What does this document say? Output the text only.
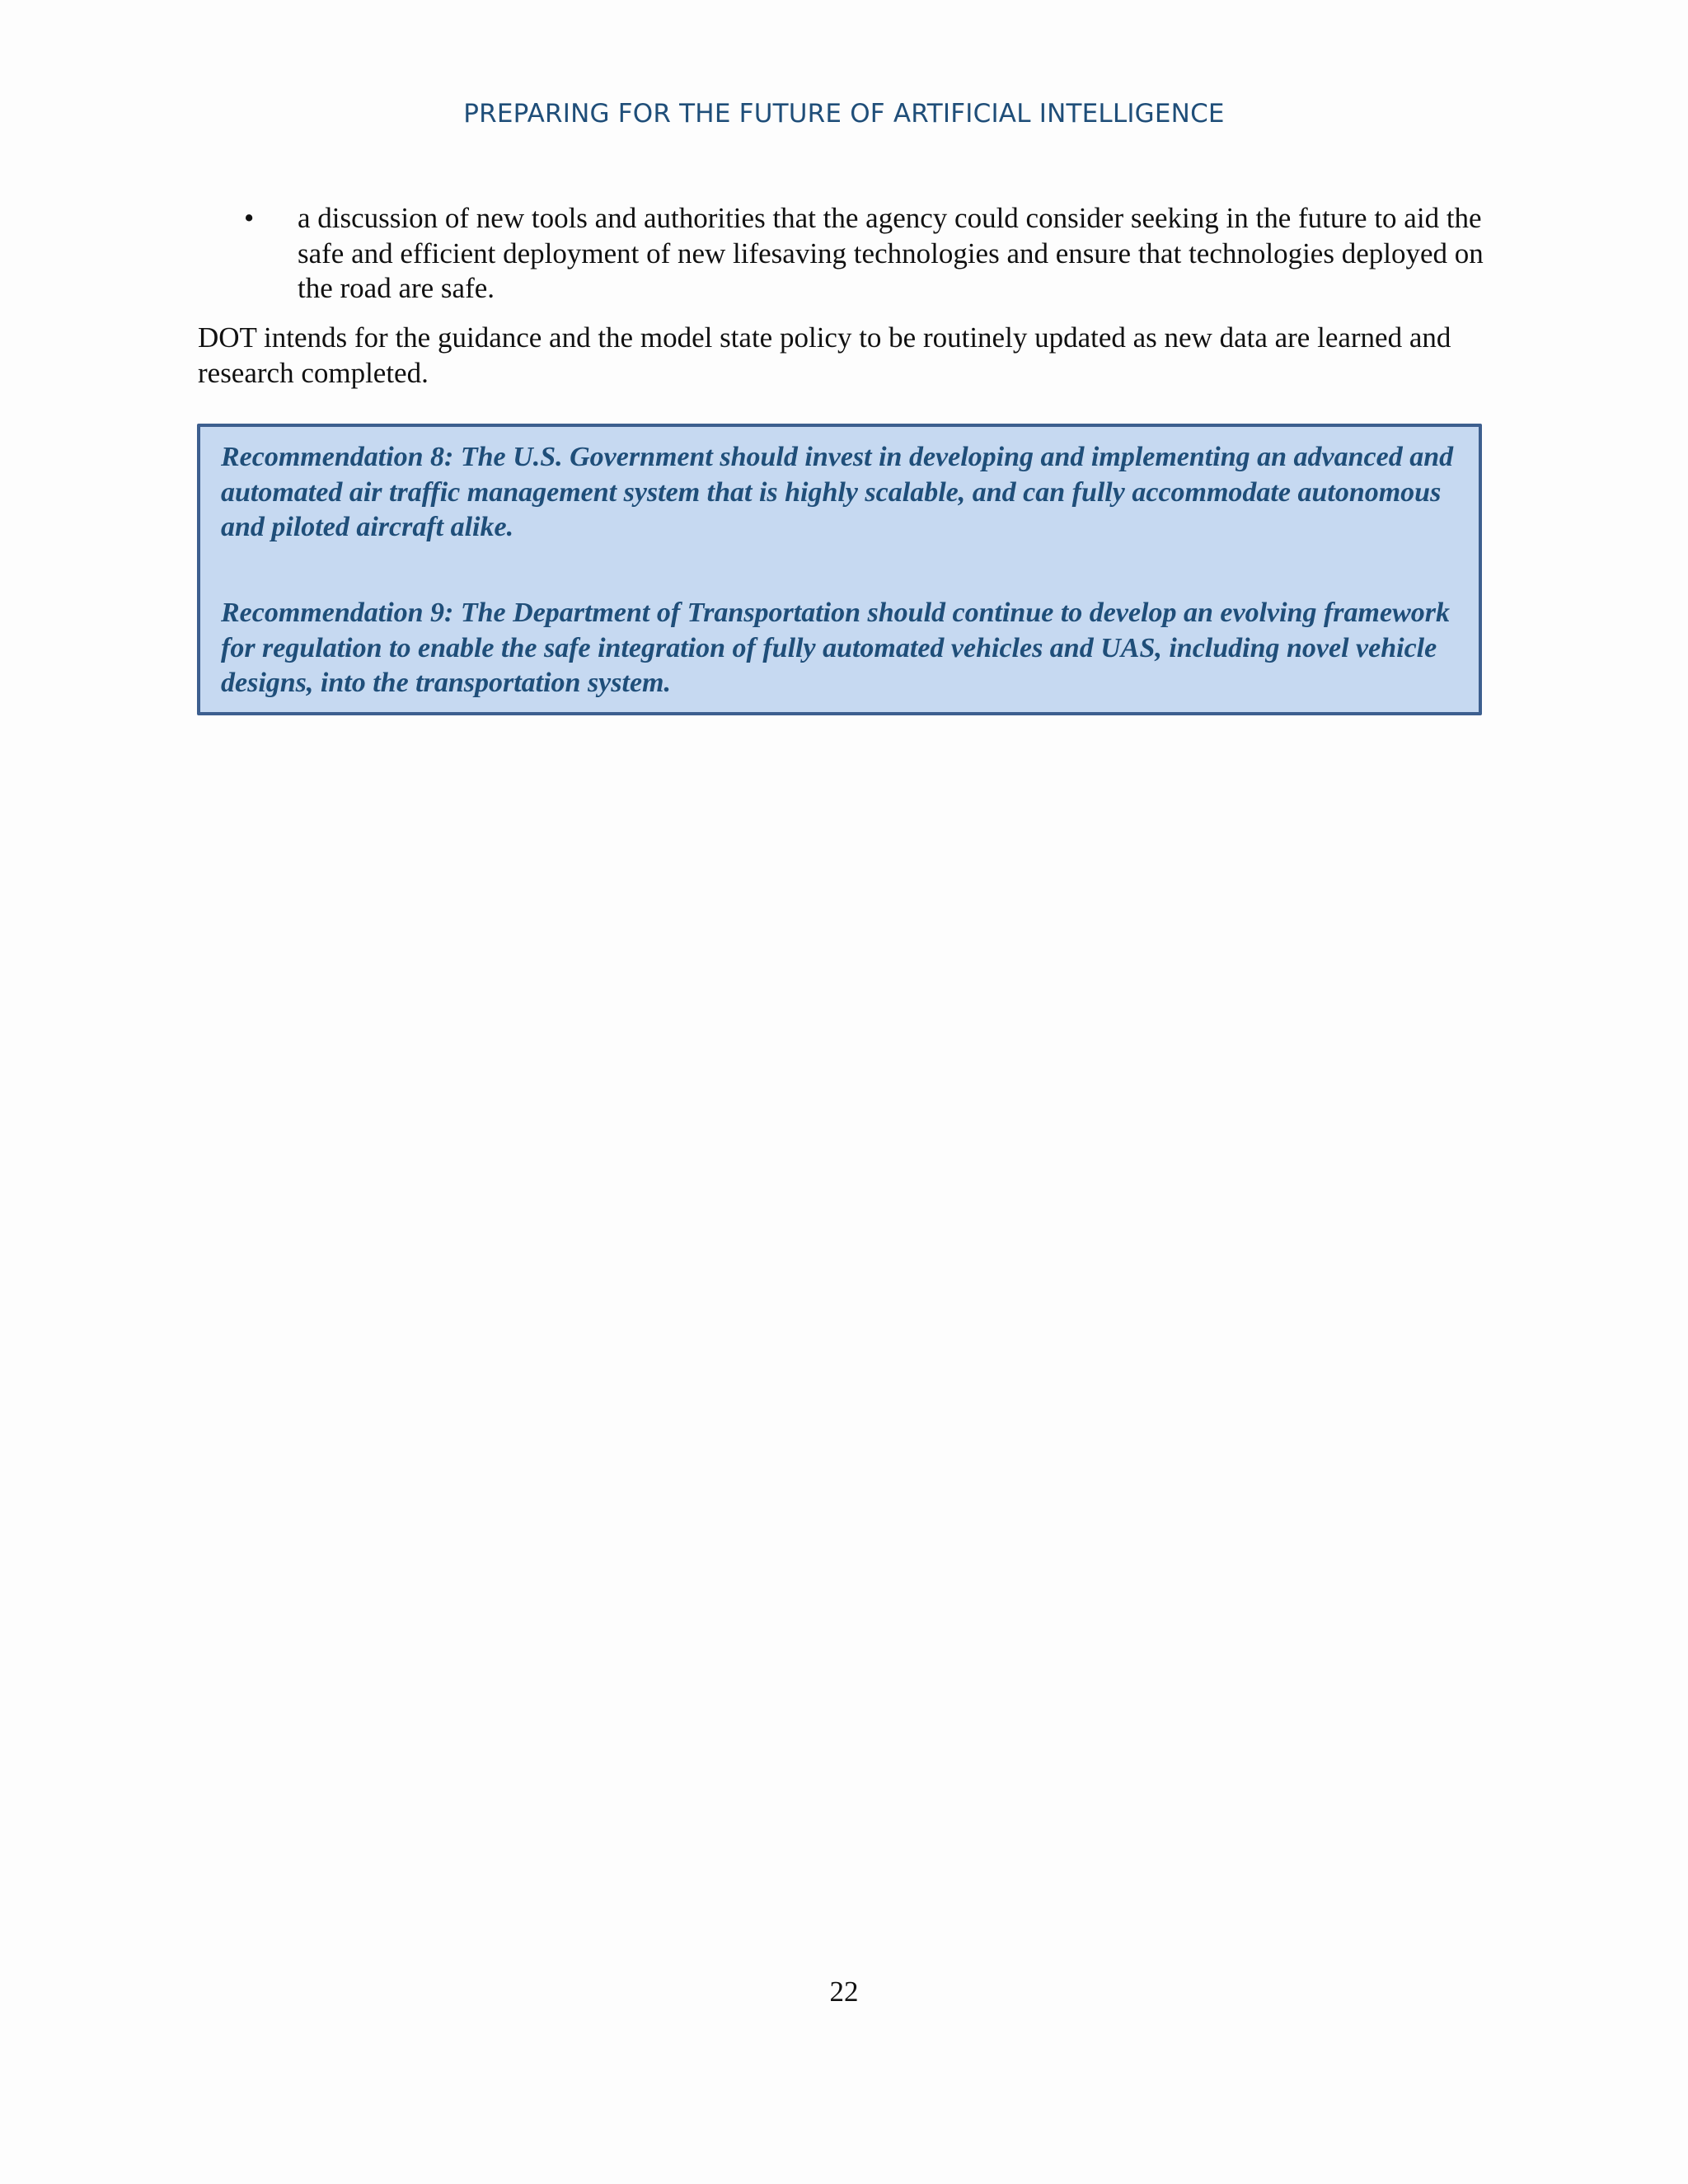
PREPARING FOR THE FUTURE OF ARTIFICIAL INTELLIGENCE
• a discussion of new tools and authorities that the agency could consider seeking in the future to aid the safe and efficient deployment of new lifesaving technologies and ensure that technologies deployed on the road are safe.

DOT intends for the guidance and the model state policy to be routinely updated as new data are learned and research completed.

Recommendation 8: The U.S. Government should invest in developing and implementing an advanced and automated air traffic management system that is highly scalable, and can fully accommodate autonomous and piloted aircraft alike.

Recommendation 9: The Department of Transportation should continue to develop an evolving framework for regulation to enable the safe integration of fully automated vehicles and UAS, including novel vehicle designs, into the transportation system.

22
